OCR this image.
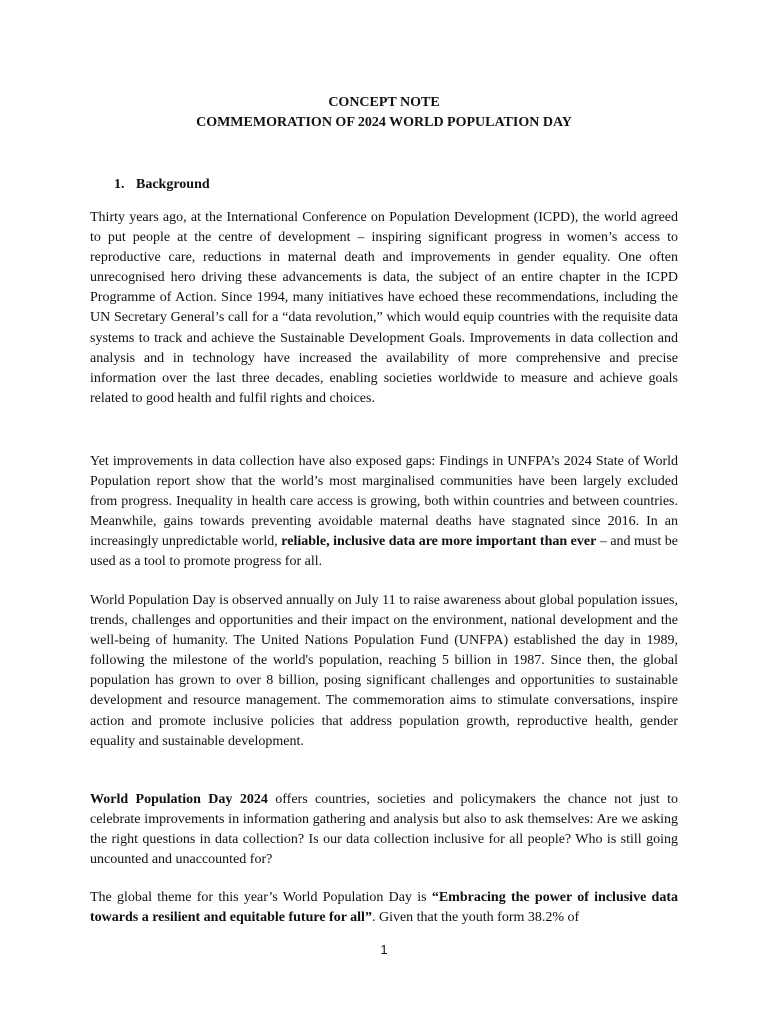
CONCEPT NOTE
COMMEMORATION OF 2024 WORLD POPULATION DAY
1. Background

Thirty years ago, at the International Conference on Population Development (ICPD), the world agreed to put people at the centre of development – inspiring significant progress in women’s access to reproductive care, reductions in maternal death and improvements in gender equality. One often unrecognised hero driving these advancements is data, the subject of an entire chapter in the ICPD Programme of Action. Since 1994, many initiatives have echoed these recommendations, including the UN Secretary General’s call for a “data revolution,” which would equip countries with the requisite data systems to track and achieve the Sustainable Development Goals. Improvements in data collection and analysis and in technology have increased the availability of more comprehensive and precise information over the last three decades, enabling societies worldwide to measure and achieve goals related to good health and fulfil rights and choices.

Yet improvements in data collection have also exposed gaps: Findings in UNFPA’s 2024 State of World Population report show that the world’s most marginalised communities have been largely excluded from progress. Inequality in health care access is growing, both within countries and between countries. Meanwhile, gains towards preventing avoidable maternal deaths have stagnated since 2016. In an increasingly unpredictable world, reliable, inclusive data are more important than ever – and must be used as a tool to promote progress for all.

World Population Day is observed annually on July 11 to raise awareness about global population issues, trends, challenges and opportunities and their impact on the environment, national development and the well-being of humanity. The United Nations Population Fund (UNFPA) established the day in 1989, following the milestone of the world's population, reaching 5 billion in 1987. Since then, the global population has grown to over 8 billion, posing significant challenges and opportunities to sustainable development and resource management. The commemoration aims to stimulate conversations, inspire action and promote inclusive policies that address population growth, reproductive health, gender equality and sustainable development.

World Population Day 2024 offers countries, societies and policymakers the chance not just to celebrate improvements in information gathering and analysis but also to ask themselves: Are we asking the right questions in data collection? Is our data collection inclusive for all people? Who is still going uncounted and unaccounted for?

The global theme for this year’s World Population Day is “Embracing the power of inclusive data towards a resilient and equitable future for all”. Given that the youth form 38.2% of

1
